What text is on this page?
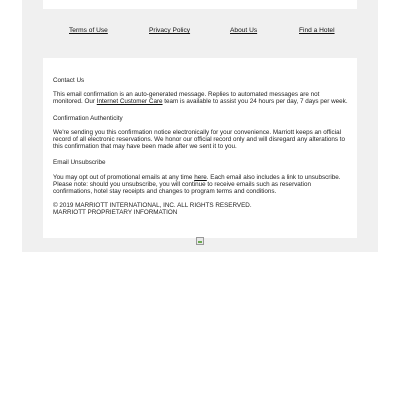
Terms of Use	Privacy Policy	About Us	Find a Hotel
Contact Us
This email confirmation is an auto-generated message. Replies to automated messages are not monitored. Our Internet Customer Care team is available to assist you 24 hours per day, 7 days per week.
Confirmation Authenticity
We're sending you this confirmation notice electronically for your convenience. Marriott keeps an official record of all electronic reservations. We honor our official record only and will disregard any alterations to this confirmation that may have been made after we sent it to you.
Email Unsubscribe
You may opt out of promotional emails at any time here. Each email also includes a link to unsubscribe. Please note: should you unsubscribe, you will continue to receive emails such as reservation confirmations, hotel stay receipts and changes to program terms and conditions.
© 2019 MARRIOTT INTERNATIONAL, INC. ALL RIGHTS RESERVED.
MARRIOTT PROPRIETARY INFORMATION
